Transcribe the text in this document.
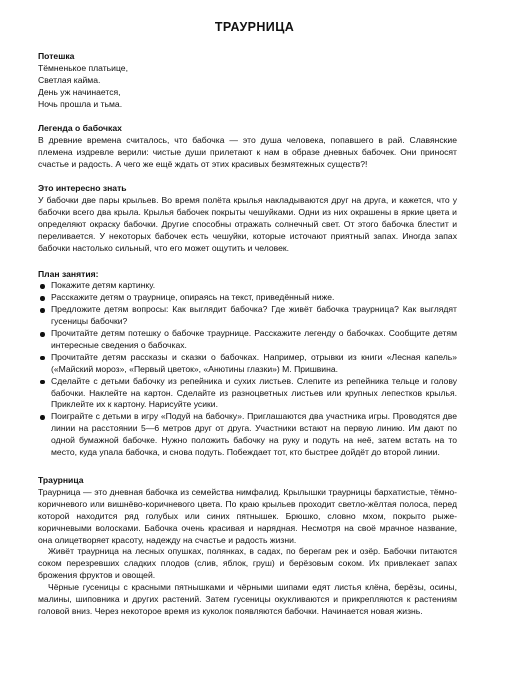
ТРАУРНИЦА
Потешка
Тёмненькое платьице,
Светлая кайма.
День уж начинается,
Ночь прошла и тьма.
Легенда о бабочках
В древние времена считалось, что бабочка — это душа человека, попавшего в рай. Славянские племена издревле верили: чистые души прилетают к нам в образе дневных бабочек. Они приносят счастье и радость. А чего же ещё ждать от этих красивых безмятежных существ?!
Это интересно знать
У бабочки две пары крыльев. Во время полёта крылья накладываются друг на друга, и кажется, что у бабочки всего два крыла. Крылья бабочек покрыты чешуйками. Одни из них окрашены в яркие цвета и определяют окраску бабочки. Другие способны отражать солнечный свет. От этого бабочка блестит и переливается. У некоторых бабочек есть чешуйки, которые источают приятный запах. Иногда запах бабочки настолько сильный, что его может ощутить и человек.
План занятия:
Покажите детям картинку.
Расскажите детям о траурнице, опираясь на текст, приведённый ниже.
Предложите детям вопросы: Как выглядит бабочка? Где живёт бабочка траурница? Как выглядят гусеницы бабочки?
Прочитайте детям потешку о бабочке траурнице. Расскажите легенду о бабочках. Сообщите детям интересные сведения о бабочках.
Прочитайте детям рассказы и сказки о бабочках. Например, отрывки из книги «Лесная капель» («Майский мороз», «Первый цветок», «Анютины глазки») М. Пришвина.
Сделайте с детьми бабочку из репейника и сухих листьев. Слепите из репейника тельце и голову бабочки. Наклейте на картон. Сделайте из разноцветных листьев или крупных лепестков крылья. Приклейте их к картону. Нарисуйте усики.
Поиграйте с детьми в игру «Подуй на бабочку». Приглашаются два участника игры. Проводятся две линии на расстоянии 5—6 метров друг от друга. Участники встают на первую линию. Им дают по одной бумажной бабочке. Нужно положить бабочку на руку и подуть на неё, затем встать на то место, куда упала бабочка, и снова подуть. Побеждает тот, кто быстрее дойдёт до второй линии.
Траурница
Траурница — это дневная бабочка из семейства нимфалид. Крылышки траурницы бархатистые, тёмно-коричневого или вишнёво-коричневого цвета. По краю крыльев проходит светло-жёлтая полоса, перед которой находится ряд голубых или синих пятнышек. Брюшко, словно мхом, покрыто рыже-коричневыми волосками. Бабочка очень красивая и нарядная. Несмотря на своё мрачное название, она олицетворяет красоту, надежду на счастье и радость жизни.
Живёт траурница на лесных опушках, полянках, в садах, по берегам рек и озёр. Бабочки питаются соком перезревших сладких плодов (слив, яблок, груш) и берёзовым соком. Их привлекает запах брожения фруктов и овощей.
Чёрные гусеницы с красными пятнышками и чёрными шипами едят листья клёна, берёзы, осины, малины, шиповника и других растений. Затем гусеницы окукливаются и прикрепляются к растениям головой вниз. Через некоторое время из куколок появляются бабочки. Начинается новая жизнь.
